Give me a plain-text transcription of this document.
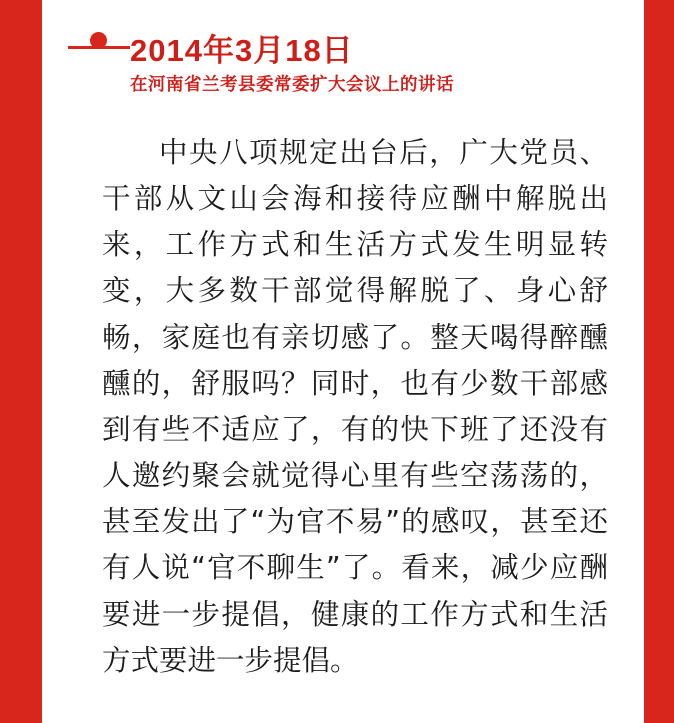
2014年3月18日
在河南省兰考县委常委扩大会议上的讲话

中央八项规定出台后，广大党员、干部从文山会海和接待应酬中解脱出来，工作方式和生活方式发生明显转变，大多数干部觉得解脱了、身心舒畅，家庭也有亲切感了。整天喝得醉醺醺的，舒服吗？同时，也有少数干部感到有些不适应了，有的快下班了还没有人邀约聚会就觉得心里有些空荡荡的，甚至发出了“为官不易”的感叹，甚至还有人说“官不聊生”了。看来，减少应酬要进一步提倡，健康的工作方式和生活方式要进一步提倡。
